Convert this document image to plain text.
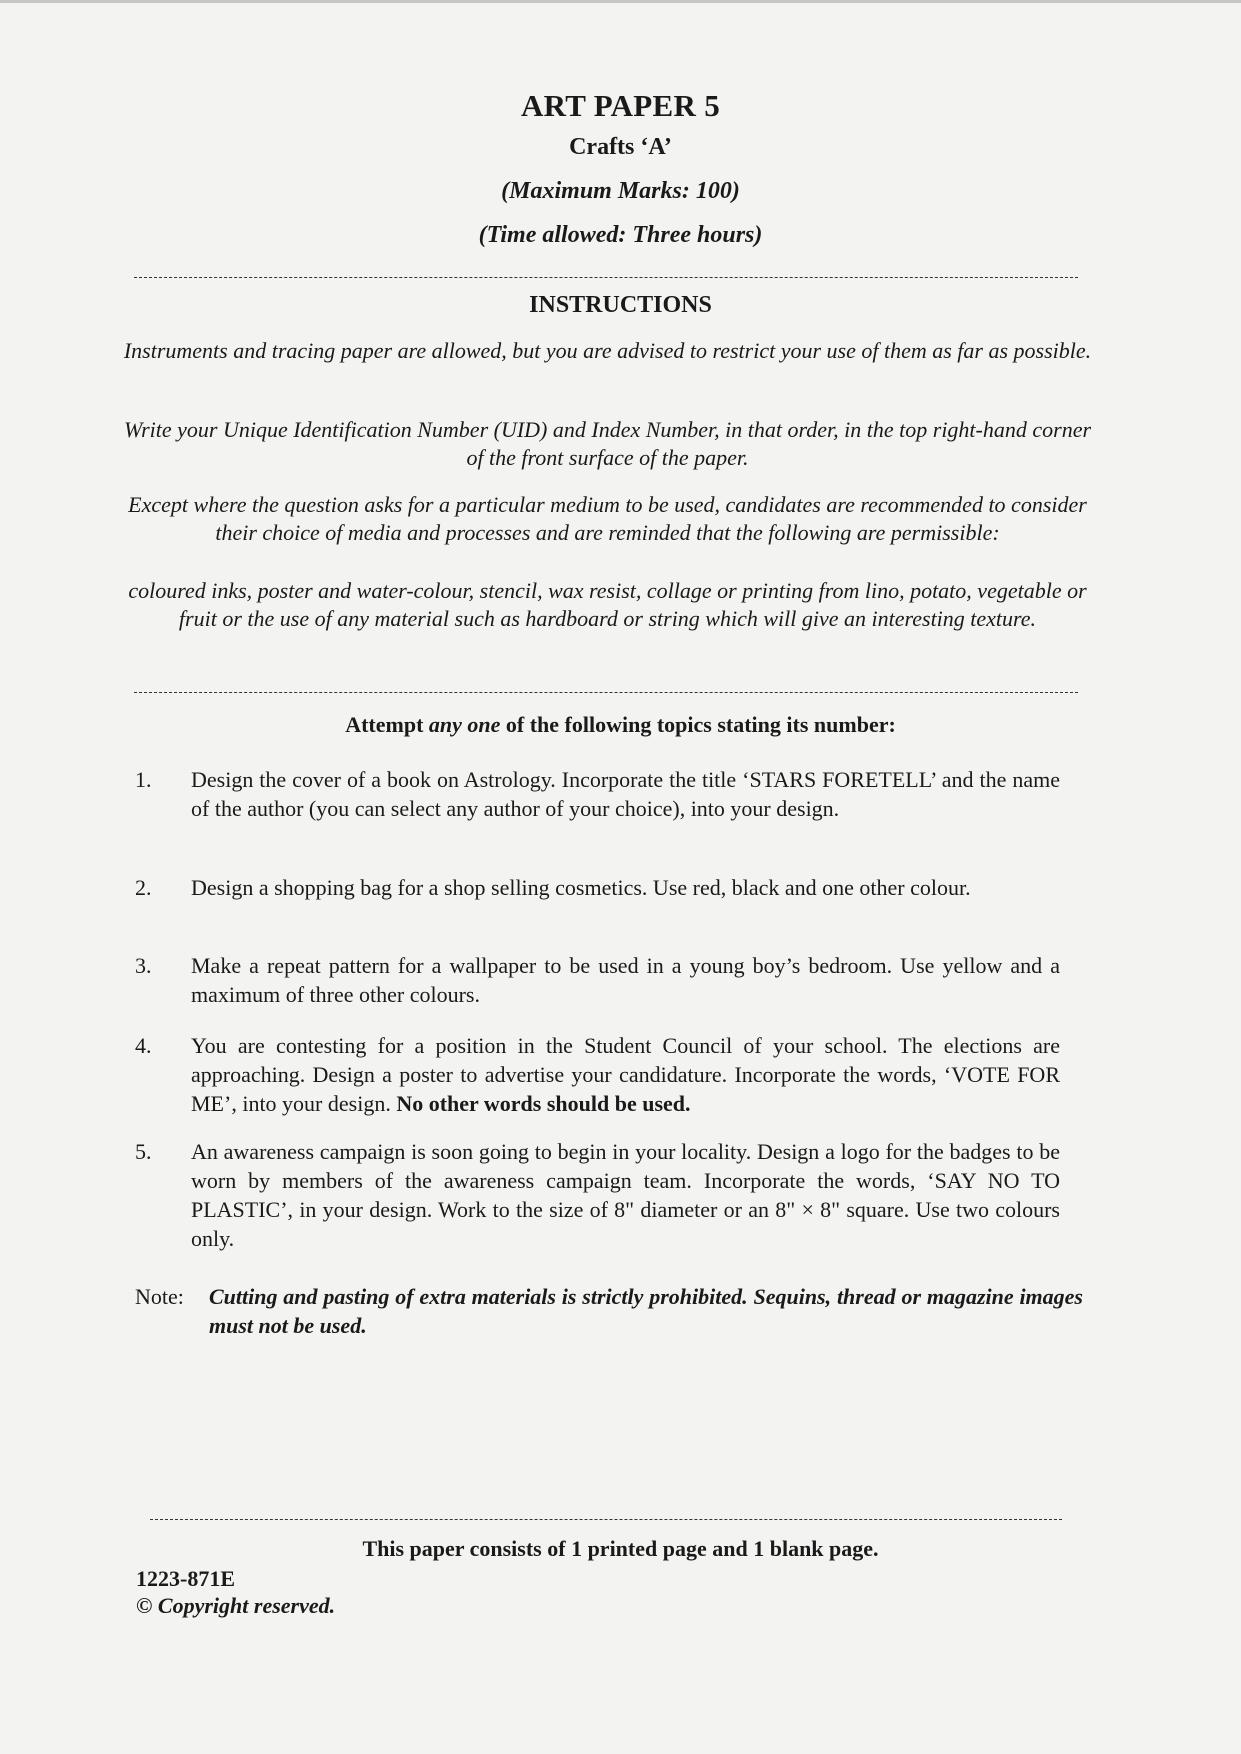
ART PAPER 5
Crafts ‘A’
(Maximum Marks: 100)
(Time allowed: Three hours)
INSTRUCTIONS
Instruments and tracing paper are allowed, but you are advised to restrict your use of them as far as possible.
Write your Unique Identification Number (UID) and Index Number, in that order, in the top right-hand corner of the front surface of the paper.
Except where the question asks for a particular medium to be used, candidates are recommended to consider their choice of media and processes and are reminded that the following are permissible:
coloured inks, poster and water-colour, stencil, wax resist, collage or printing from lino, potato, vegetable or fruit or the use of any material such as hardboard or string which will give an interesting texture.
Attempt any one of the following topics stating its number:
1.	Design the cover of a book on Astrology. Incorporate the title ‘STARS FORETELL’ and the name of the author (you can select any author of your choice), into your design.
2.	Design a shopping bag for a shop selling cosmetics. Use red, black and one other colour.
3.	Make a repeat pattern for a wallpaper to be used in a young boy’s bedroom. Use yellow and a maximum of three other colours.
4.	You are contesting for a position in the Student Council of your school. The elections are approaching. Design a poster to advertise your candidature. Incorporate the words, ‘VOTE FOR ME’, into your design. No other words should be used.
5.	An awareness campaign is soon going to begin in your locality. Design a logo for the badges to be worn by members of the awareness campaign team. Incorporate the words, ‘SAY NO TO PLASTIC’, in your design. Work to the size of 8" diameter or an 8" × 8" square. Use two colours only.
Note: Cutting and pasting of extra materials is strictly prohibited. Sequins, thread or magazine images must not be used.
This paper consists of 1 printed page and 1 blank page.
1223-871E
© Copyright reserved.
